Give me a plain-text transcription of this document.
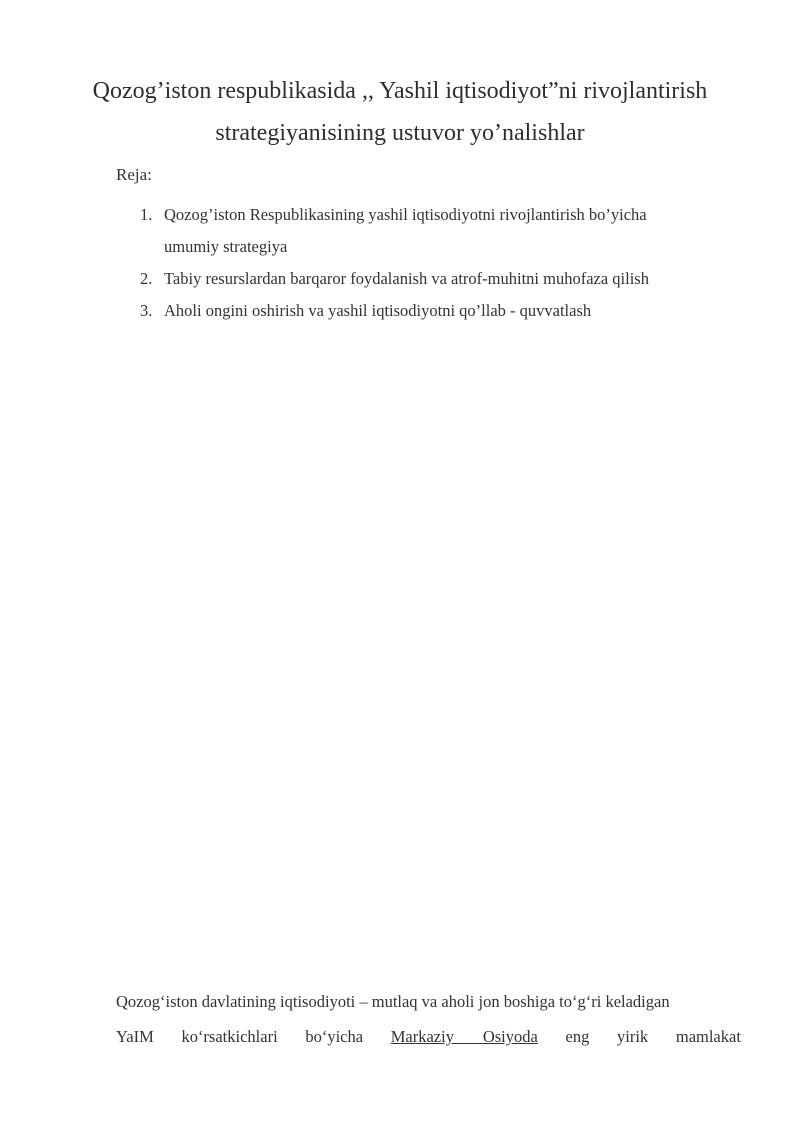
Qozog’iston respublikasida ,, Yashil iqtisodiyot”ni rivojlantirish
strategiyanisining ustuvor yo’nalishlar
Reja:
1. Qozog’iston Respublikasining yashil iqtisodiyotni rivojlantirish bo’yicha
umumiy strategiya
2. Tabiy resurslardan barqaror foydalanish va atrof-muhitni muhofaza qilish
3. Aholi ongini oshirish va yashil iqtisodiyotni qo’llab - quvvatlash
Qozog‘iston davlatining iqtisodiyoti – mutlaq va aholi jon boshiga to‘g‘ri keladigan
YaIM ko‘rsatkichlari bo‘yicha Markaziy Osiyoda eng yirik mamlakat
